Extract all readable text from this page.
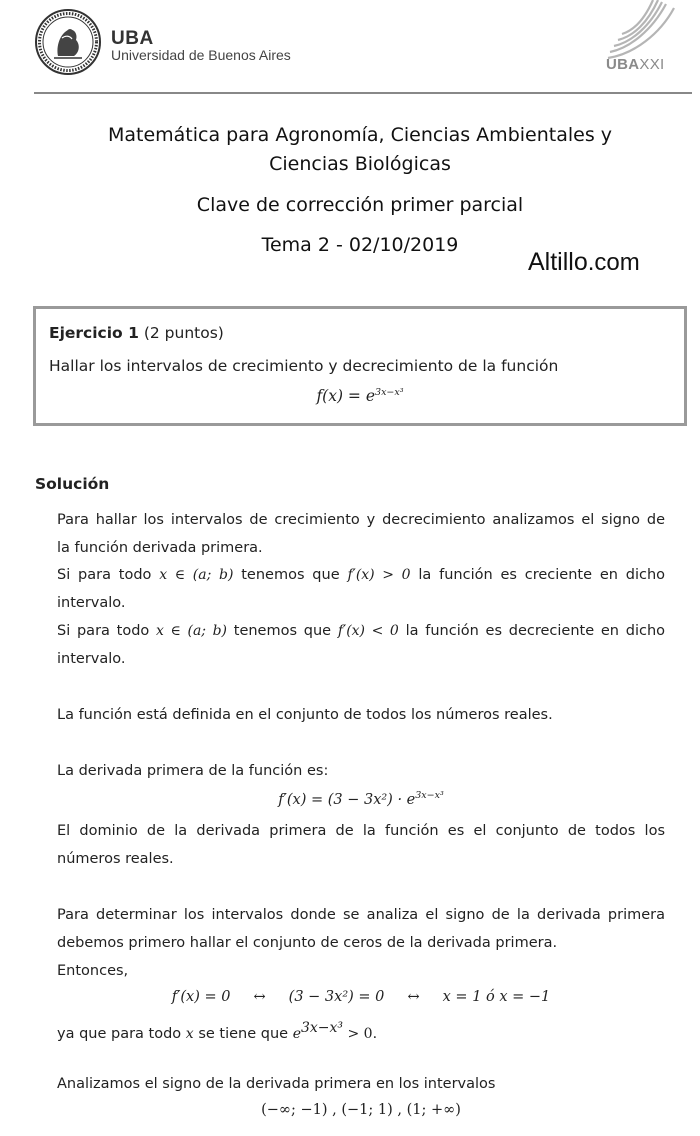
UBA
Universidad de Buenos Aires
UBAXXI
Matemática para Agronomía, Ciencias Ambientales y
Ciencias Biológicas
Clave de corrección primer parcial
Tema 2 - 02/10/2019
Altillo.com
Ejercicio 1 (2 puntos)
Hallar los intervalos de crecimiento y decrecimiento de la función
$f(x) = e^{3x-x^3}$
Solución
Para hallar los intervalos de crecimiento y decrecimiento analizamos el signo de
la función derivada primera.
Si para todo x ∈ (a; b) tenemos que f′(x) > 0 la función es creciente en dicho
intervalo.
Si para todo x ∈ (a; b) tenemos que f′(x) < 0 la función es decreciente en dicho
intervalo.
La función está definida en el conjunto de todos los números reales.
La derivada primera de la función es:
$f'(x) = (3 - 3x^2) \cdot e^{3x-x^3}$
El dominio de la derivada primera de la función es el conjunto de todos los
números reales.
Para determinar los intervalos donde se analiza el signo de la derivada primera
debemos primero hallar el conjunto de ceros de la derivada primera.
Entonces,
f′(x) = 0     ↔     (3 − 3x²) = 0     ↔     x = 1 ó x = −1
ya que para todo x se tiene que $e^{3x-x^3} > 0$.
Analizamos el signo de la derivada primera en los intervalos
(−∞; −1) , (−1; 1) , (1; +∞)
